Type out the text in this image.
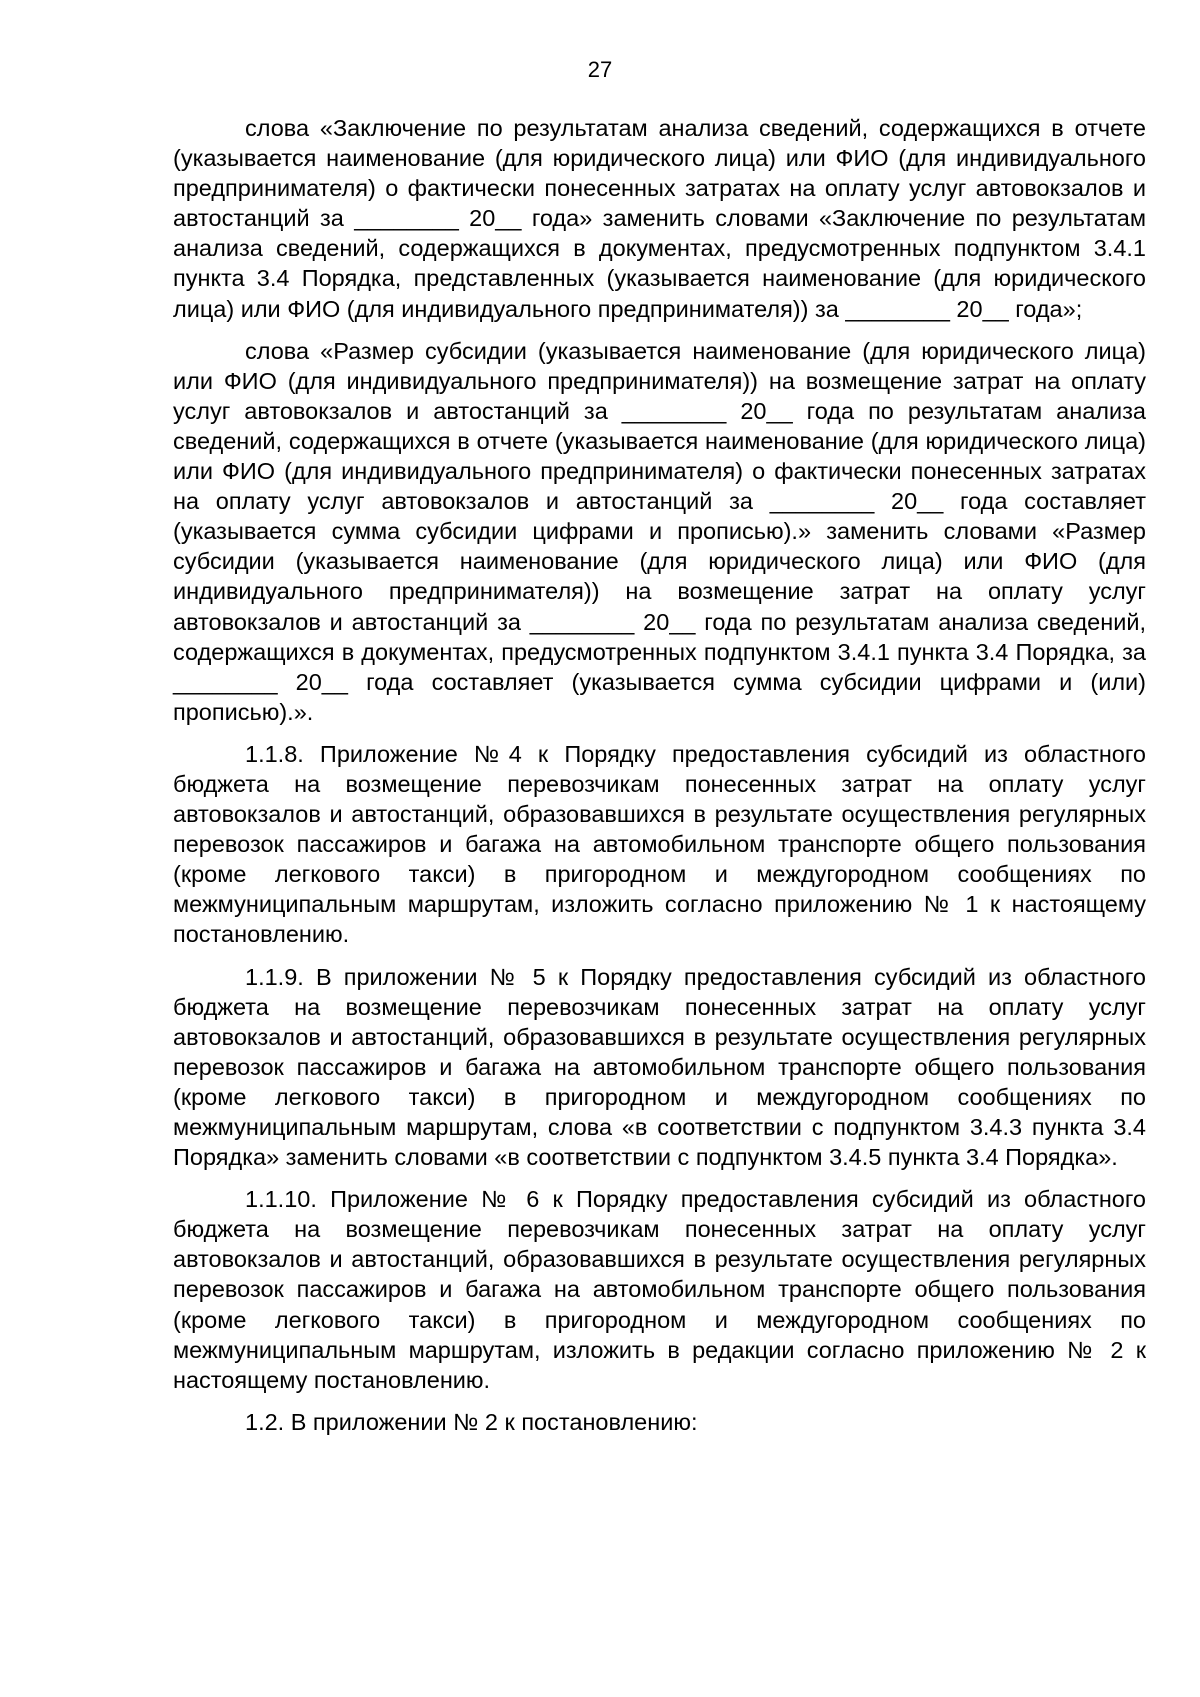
27

слова «Заключение по результатам анализа сведений, содержащихся в отчете (указывается наименование (для юридического лица) или ФИО (для индивидуального предпринимателя) о фактически понесенных затратах на оплату услуг автовокзалов и автостанций за ________ 20__ года» заменить словами «Заключение по результатам анализа сведений, содержащихся в документах, предусмотренных подпунктом 3.4.1 пункта 3.4 Порядка, представленных (указывается наименование (для юридического лица) или ФИО (для индивидуального предпринимателя)) за ________ 20__ года»;

слова «Размер субсидии (указывается наименование (для юридического лица) или ФИО (для индивидуального предпринимателя)) на возмещение затрат на оплату услуг автовокзалов и автостанций за ________ 20__ года по результатам анализа сведений, содержащихся в отчете (указывается наименование (для юридического лица) или ФИО (для индивидуального предпринимателя) о фактически понесенных затратах на оплату услуг автовокзалов и автостанций за ________ 20__ года составляет (указывается сумма субсидии цифрами и прописью).» заменить словами «Размер субсидии (указывается наименование (для юридического лица) или ФИО (для индивидуального предпринимателя)) на возмещение затрат на оплату услуг автовокзалов и автостанций за ________ 20__ года по результатам анализа сведений, содержащихся в документах, предусмотренных подпунктом 3.4.1 пункта 3.4 Порядка, за ________ 20__ года составляет (указывается сумма субсидии цифрами и (или) прописью).».

1.1.8. Приложение №4 к Порядку предоставления субсидий из областного бюджета на возмещение перевозчикам понесенных затрат на оплату услуг автовокзалов и автостанций, образовавшихся в результате осуществления регулярных перевозок пассажиров и багажа на автомобильном транспорте общего пользования (кроме легкового такси) в пригородном и междугородном сообщениях по межмуниципальным маршрутам, изложить согласно приложению № 1 к настоящему постановлению.

1.1.9. В приложении № 5 к Порядку предоставления субсидий из областного бюджета на возмещение перевозчикам понесенных затрат на оплату услуг автовокзалов и автостанций, образовавшихся в результате осуществления регулярных перевозок пассажиров и багажа на автомобильном транспорте общего пользования (кроме легкового такси) в пригородном и междугородном сообщениях по межмуниципальным маршрутам, слова «в соответствии с подпунктом 3.4.3 пункта 3.4 Порядка» заменить словами «в соответствии с подпунктом 3.4.5 пункта 3.4 Порядка».

1.1.10. Приложение № 6 к Порядку предоставления субсидий из областного бюджета на возмещение перевозчикам понесенных затрат на оплату услуг автовокзалов и автостанций, образовавшихся в результате осуществления регулярных перевозок пассажиров и багажа на автомобильном транспорте общего пользования (кроме легкового такси) в пригородном и междугородном сообщениях по межмуниципальным маршрутам, изложить в редакции согласно приложению № 2 к настоящему постановлению.

1.2. В приложении № 2 к постановлению:
